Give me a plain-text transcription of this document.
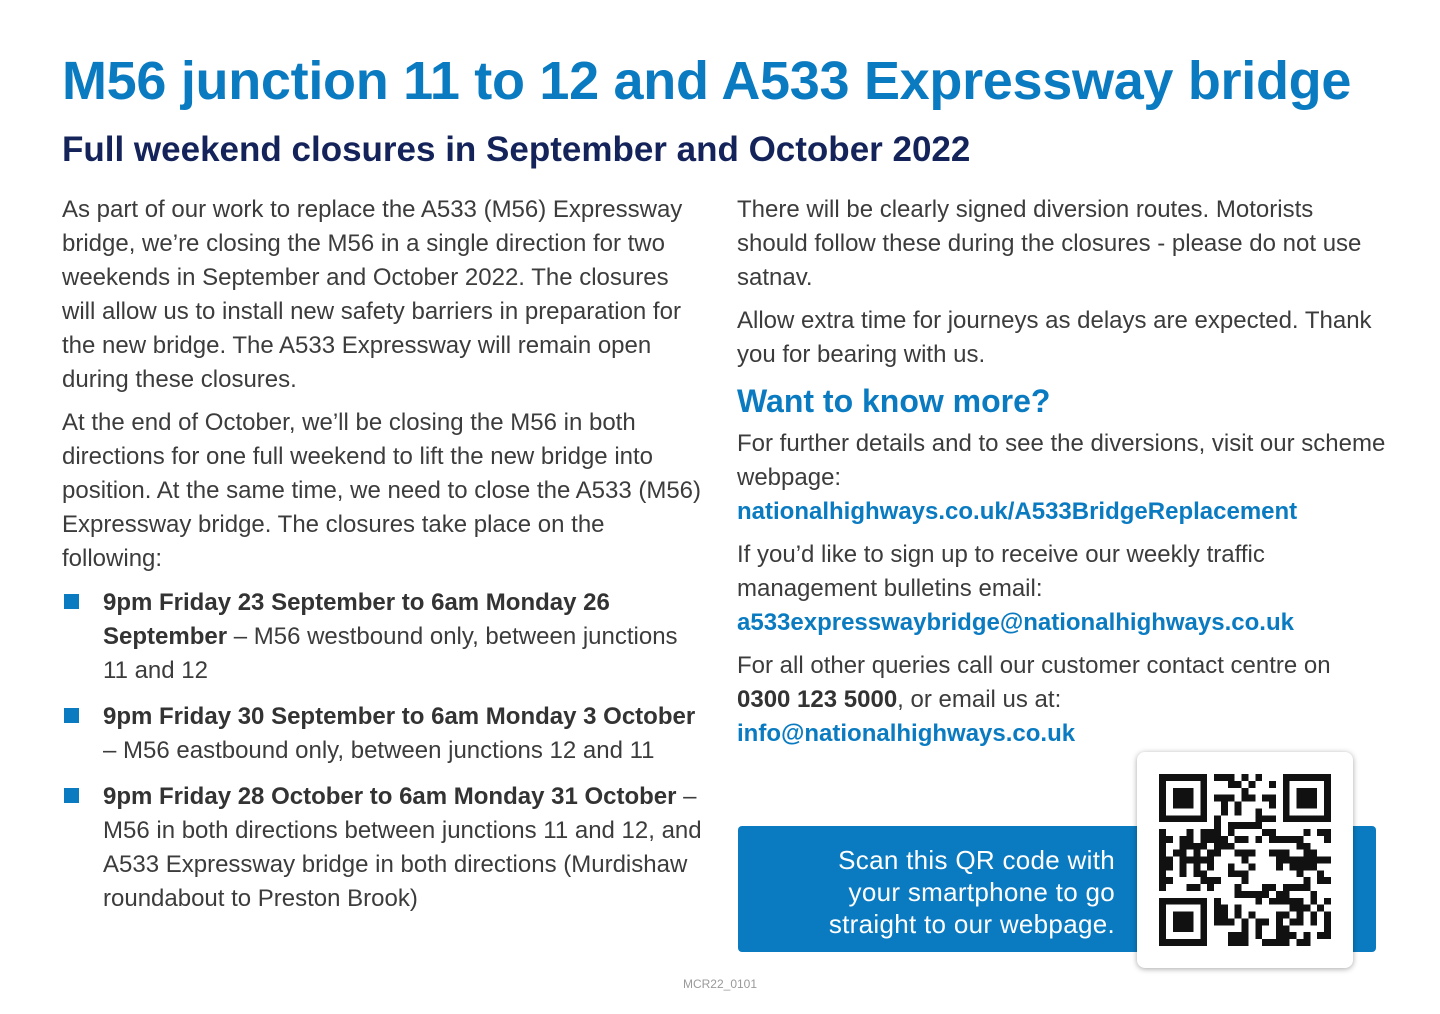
M56 junction 11 to 12 and A533 Expressway bridge
Full weekend closures in September and October 2022

As part of our work to replace the A533 (M56) Expressway bridge, we’re closing the M56 in a single direction for two weekends in September and October 2022. The closures will allow us to install new safety barriers in preparation for the new bridge. The A533 Expressway will remain open during these closures.

At the end of October, we’ll be closing the M56 in both directions for one full weekend to lift the new bridge into position. At the same time, we need to close the A533 (M56) Expressway bridge. The closures take place on the following:

9pm Friday 23 September to 6am Monday 26 September – M56 westbound only, between junctions 11 and 12
9pm Friday 30 September to 6am Monday 3 October – M56 eastbound only, between junctions 12 and 11
9pm Friday 28 October to 6am Monday 31 October – M56 in both directions between junctions 11 and 12, and A533 Expressway bridge in both directions (Murdishaw roundabout to Preston Brook)

There will be clearly signed diversion routes. Motorists should follow these during the closures - please do not use satnav.

Allow extra time for journeys as delays are expected. Thank you for bearing with us.

Want to know more?

For further details and to see the diversions, visit our scheme webpage:
nationalhighways.co.uk/A533BridgeReplacement

If you’d like to sign up to receive our weekly traffic management bulletins email:
a533expresswaybridge@nationalhighways.co.uk

For all other queries call our customer contact centre on 0300 123 5000, or email us at:
info@nationalhighways.co.uk

Scan this QR code with
your smartphone to go
straight to our webpage.
MCR22_0101
